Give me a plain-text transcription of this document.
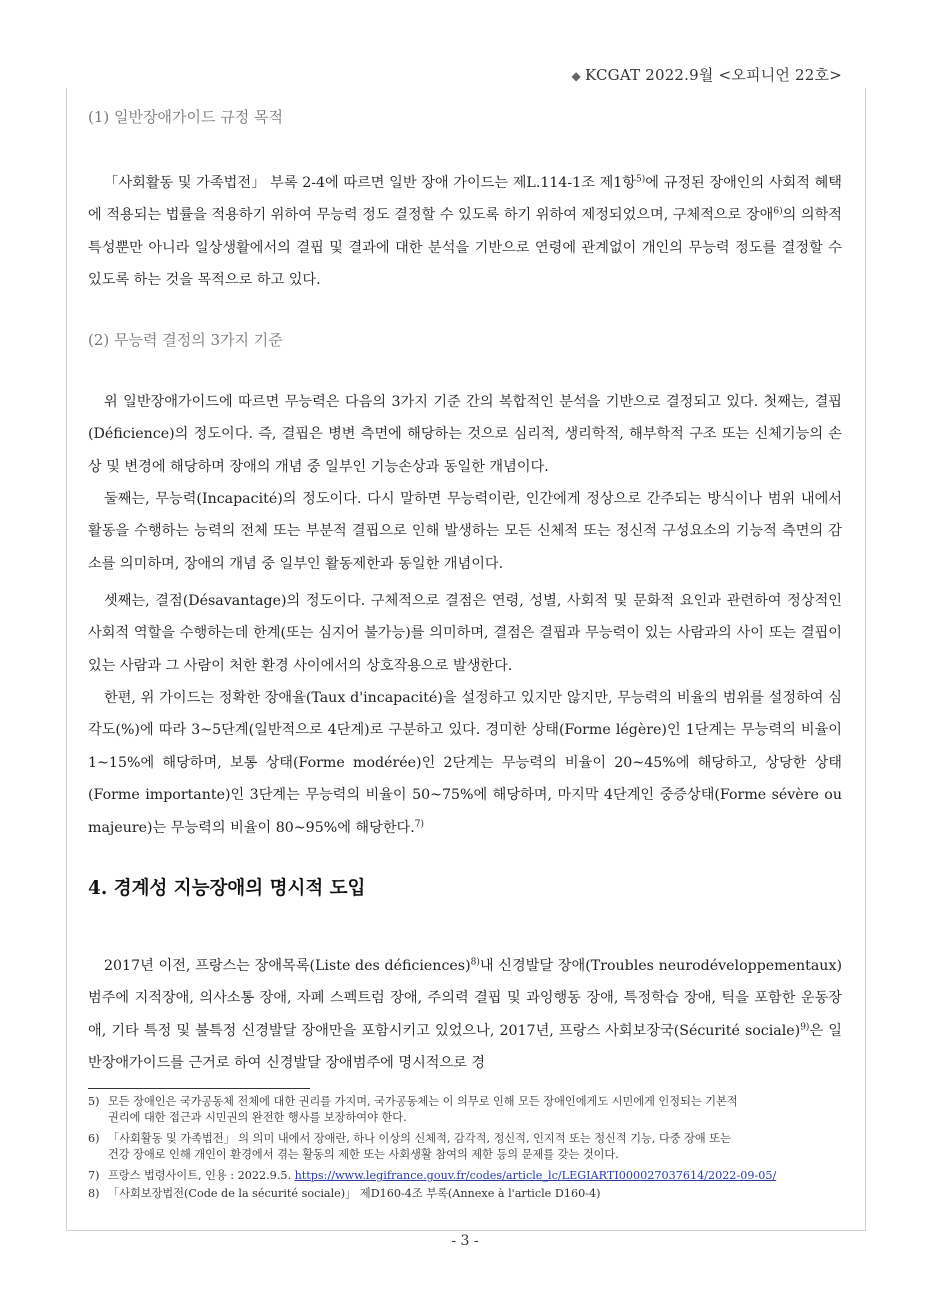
◆ KCGAT 2022.9월 <오피니언 22호>
(1) 일반장애가이드 규정 목적
「사회활동 및 가족법전」 부록 2-4에 따르면 일반 장애 가이드는 제L.114-1조 제1항$^{5)}$에 규정된 장애인의 사회적 혜택에 적용되는 법률을 적용하기 위하여 무능력 정도 결정할 수 있도록 하기 위하여 제정되었으며, 구체적으로 장애$^{6)}$의 의학적 특성뿐만 아니라 일상생활에서의 결핍 및 결과에 대한 분석을 기반으로 연령에 관계없이 개인의 무능력 정도를 결정할 수 있도록 하는 것을 목적으로 하고 있다.
(2) 무능력 결정의 3가지 기준
위 일반장애가이드에 따르면 무능력은 다음의 3가지 기준 간의 복합적인 분석을 기반으로 결정되고 있다. 첫째는, 결핍(Déficience)의 정도이다. 즉, 결핍은 병변 측면에 해당하는 것으로 심리적, 생리학적, 해부학적 구조 또는 신체기능의 손상 및 변경에 해당하며 장애의 개념 중 일부인 기능손상과 동일한 개념이다.
둘째는, 무능력(Incapacité)의 정도이다. 다시 말하면 무능력이란, 인간에게 정상으로 간주되는 방식이나 범위 내에서 활동을 수행하는 능력의 전체 또는 부분적 결핍으로 인해 발생하는 모든 신체적 또는 정신적 구성요소의 기능적 측면의 감소를 의미하며, 장애의 개념 중 일부인 활동제한과 동일한 개념이다.
셋째는, 결점(Désavantage)의 정도이다. 구체적으로 결점은 연령, 성별, 사회적 및 문화적 요인과 관련하여 정상적인 사회적 역할을 수행하는데 한계(또는 심지어 불가능)를 의미하며, 결점은 결핍과 무능력이 있는 사람과의 사이 또는 결핍이 있는 사람과 그 사람이 처한 환경 사이에서의 상호작용으로 발생한다.
한편, 위 가이드는 정확한 장애율(Taux d'incapacité)을 설정하고 있지만 않지만, 무능력의 비율의 범위를 설정하여 심각도(%)에 따라 3~5단계(일반적으로 4단계)로 구분하고 있다. 경미한 상태(Forme légère)인 1단계는 무능력의 비율이 1~15%에 해당하며, 보통 상태(Forme modérée)인 2단계는 무능력의 비율이 20~45%에 해당하고, 상당한 상태(Forme importante)인 3단계는 무능력의 비율이 50~75%에 해당하며, 마지막 4단계인 중증상태(Forme sévère ou majeure)는 무능력의 비율이 80~95%에 해당한다.$^{7)}$
4. 경계성 지능장애의 명시적 도입
2017년 이전, 프랑스는 장애목록(Liste des déficiences)$^{8)}$내 신경발달 장애(Troubles neurodéveloppementaux)범주에 지적장애, 의사소통 장애, 자폐 스펙트럼 장애, 주의력 결핍 및 과잉행동 장애, 특정학습 장애, 틱을 포함한 운동장애, 기타 특정 및 불특정 신경발달 장애만을 포함시키고 있었으나, 2017년, 프랑스 사회보장국(Sécurité sociale)$^{9)}$은 일반장애가이드를 근거로 하여 신경발달 장애범주에 명시적으로 경
5) 모든 장애인은 국가공동체 전체에 대한 권리를 가지며, 국가공동체는 이 의무로 인해 모든 장애인에게도 시민에게 인정되는 기본적
권리에 대한 접근과 시민권의 완전한 행사를 보장하여야 한다.
6) 「사회활동 및 가족법전」 의 의미 내에서 장애란, 하나 이상의 신체적, 감각적, 정신적, 인지적 또는 정신적 기능, 다중 장애 또는
건강 장애로 인해 개인이 환경에서 겪는 활동의 제한 또는 사회생활 참여의 제한 등의 문제를 갖는 것이다.
7) 프랑스 법령사이트, 인용 : 2022.9.5. https://www.legifrance.gouv.fr/codes/article_lc/LEGIARTI000027037614/2022-09-05/
8) 「사회보장법전(Code de la sécurité sociale)」 제D160-4조 부록(Annexe à l'article D160-4)
- 3 -
